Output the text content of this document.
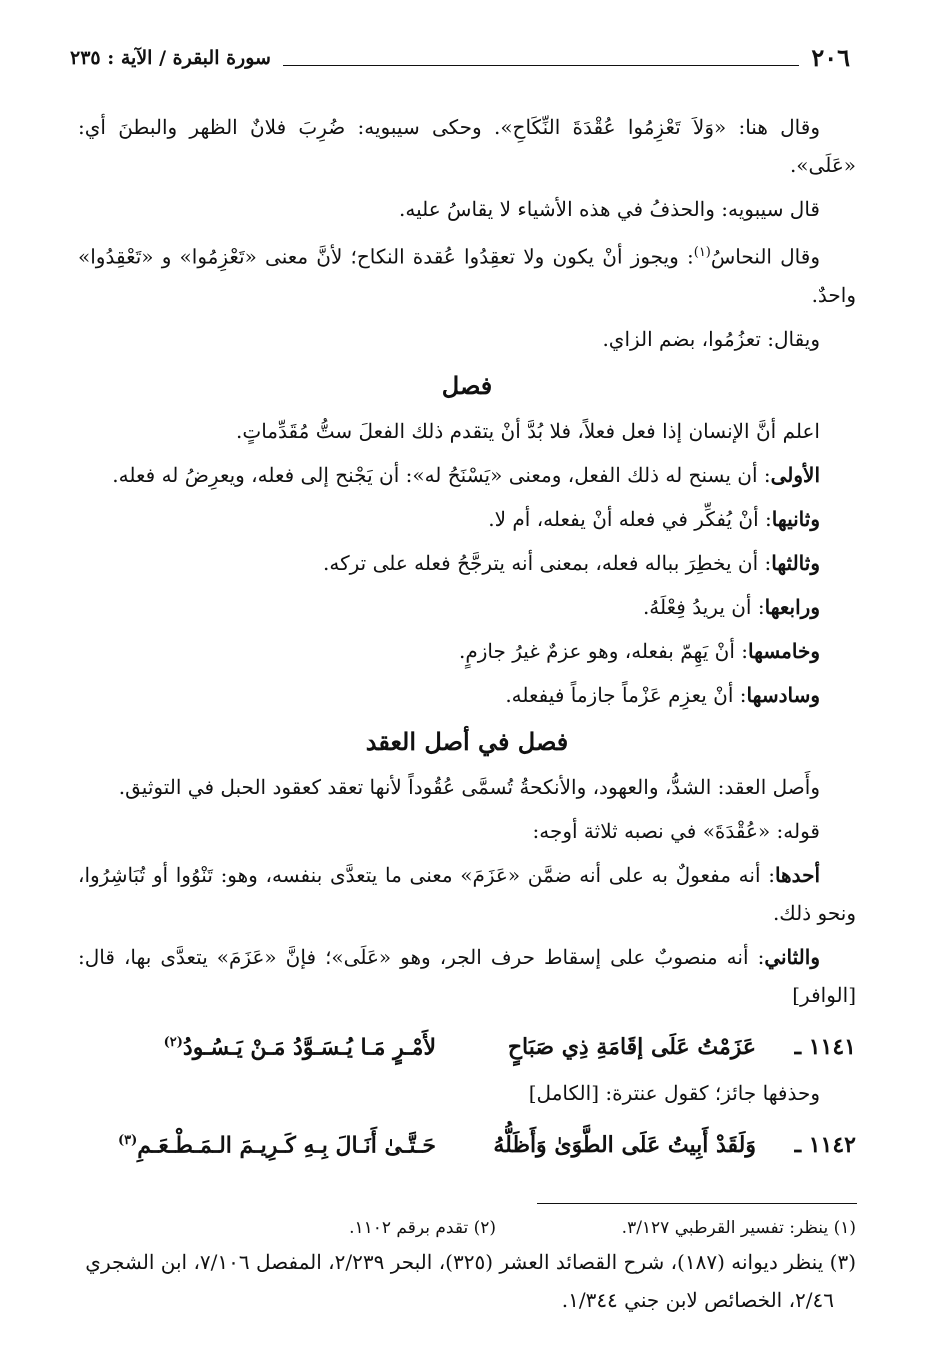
٢٠٦
سورة البقرة / الآية : ٢٣٥

وقال هنا: «وَلاَ تَعْزِمُوا عُقْدَةَ النِّكَاحِ». وحكى سيبويه: ضُرِبَ فلانٌ الظهر والبطنَ أي: «عَلَى».

قال سيبويه: والحذفُ في هذه الأشياء لا يقاسُ عليه.

وقال النحاسُ$^{(١)}$: ويجوز أنْ يكون ولا تعقِدُوا عُقدة النكاح؛ لأنَّ معنى «تَعْزِمُوا» و «تَعْقِدُوا» واحدٌ.

ويقال: تعزُمُوا، بضم الزاي.

فصل

اعلم أنَّ الإنسان إذا فعل فعلاً، فلا بُدَّ أنْ يتقدم ذلك الفعلَ ستُّ مُقَدِّماتٍ.

الأولى: أن يسنح له ذلك الفعل، ومعنى «يَسْنَحُ له»: أن يَجْنح إلى فعله، ويعرِضُ له فعله.

وثانيها: أنْ يُفكِّر في فعله أنْ يفعله، أم لا.

وثالثها: أن يخطِرَ بباله فعله، بمعنى أنه يترجَّحُ فعله على تركه.

ورابعها: أن يريدُ فِعْلَهُ.

وخامسها: أنْ يَهِمّ بفعله، وهو عزمٌ غيرُ جازمٍ.

وسادسها: أنْ يعزِم عَزْماً جازماً فيفعله.

فصل في أصل العقد

وأَصل العقد: الشدُّ، والعهود، والأنكحةُ تُسمَّى عُقُوداً لأنها تعقد كعقود الحبل في التوثيق.

قوله: «عُقْدَةَ» في نصبه ثلاثة أوجه:

أحدها: أنه مفعولٌ به على أنه ضمَّن «عَزَمَ» معنى ما يتعدَّى بنفسه، وهو: تَنْوُوا أو تُبَاشِرُوا، ونحو ذلك.

والثاني: أنه منصوبٌ على إسقاط حرف الجر، وهو «عَلَى»؛ فإنَّ «عَزَمَ» يتعدَّى بها، قال: [الوافر]

١١٤١ ـ
عَزَمْتُ عَلَى إقَامَةِ ذِي صَبَاحٍ
لأَمْـرٍ مَـا يُـسَـوَّدُ مَـنْ يَـسُـودُ$^{(٢)}$

وحذفها جائز؛ كقول عنترة: [الكامل]

١١٤٢ ـ
وَلَقَدْ أَبِيتُ عَلَى الطَّوَىٰ وَأَظَلُّهُ
حَـتَّـىٰ أَنَـالَ بِـهِ كَـرِيـمَ الـمَـطْـعَـمِ$^{(٣)}$
(١) ينظر: تفسير القرطبي ٣/١٢٧.
(٢) تقدم برقم ١١٠٢.

(٣) ينظر ديوانه (١٨٧)، شرح القصائد العشر (٣٢٥)، البحر ٢/٢٣٩، المفصل ٧/١٠٦، ابن الشجري

٢/٤٦، الخصائص لابن جني ١/٣٤٤.
